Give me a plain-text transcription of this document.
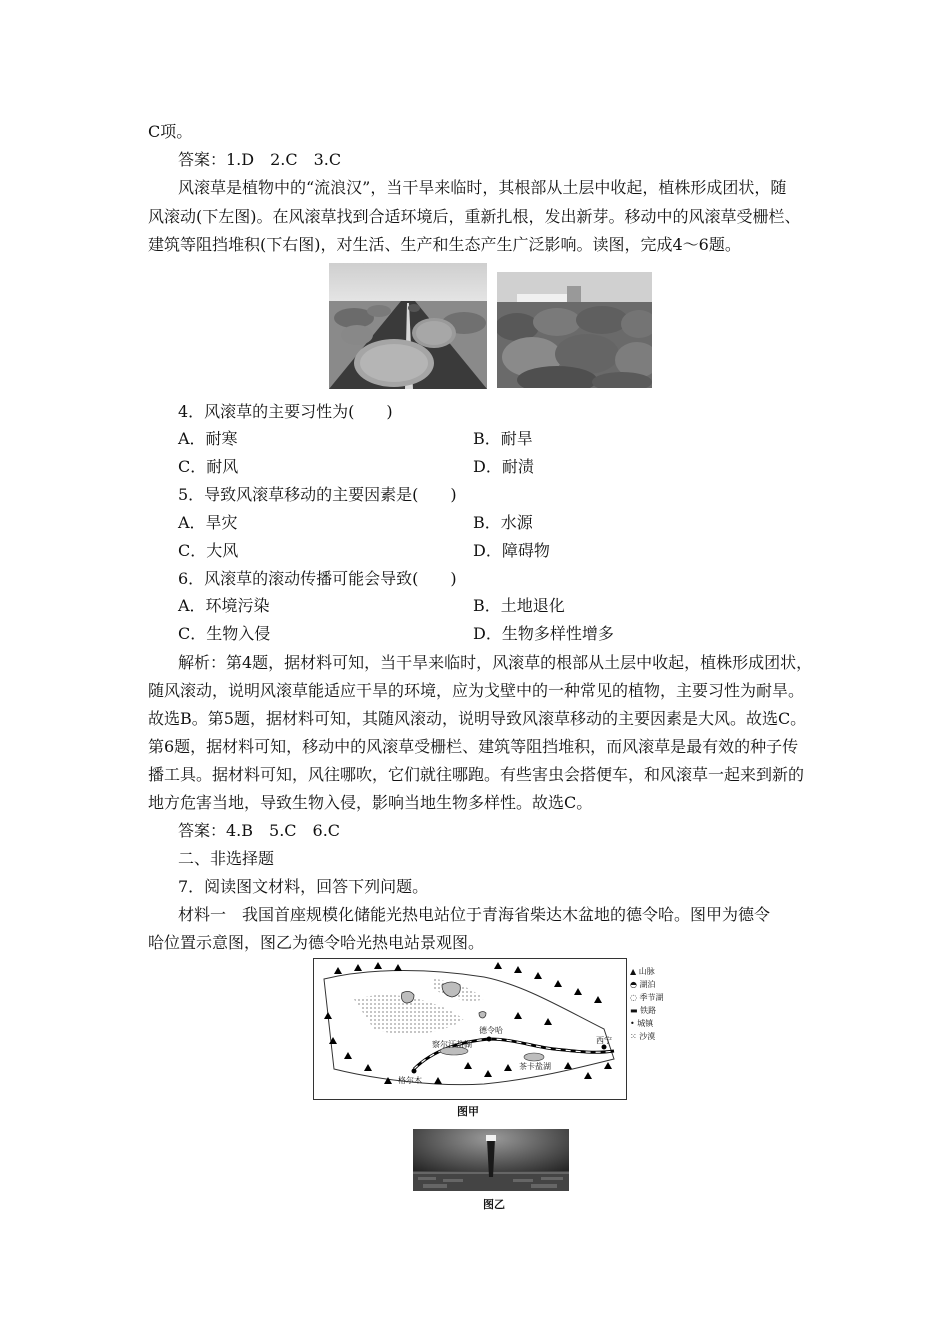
C项。
答案：1.D　2.C　3.C
风滚草是植物中的“流浪汉”，当干旱来临时，其根部从土层中收起，植株形成团状，随
风滚动(下左图)。在风滚草找到合适环境后，重新扎根，发出新芽。移动中的风滚草受栅栏、
建筑等阻挡堆积(下右图)，对生活、生产和生态产生广泛影响。读图，完成4～6题。
4．风滚草的主要习性为(　　)
A．耐寒	B．耐旱
C．耐风	D．耐渍
5．导致风滚草移动的主要因素是(　　)
A．旱灾	B．水源
C．大风	D．障碍物
6．风滚草的滚动传播可能会导致(　　)
A．环境污染	B．土地退化
C．生物入侵	D．生物多样性增多
解析：第4题，据材料可知，当干旱来临时，风滚草的根部从土层中收起，植株形成团状，
随风滚动，说明风滚草能适应干旱的环境，应为戈壁中的一种常见的植物，主要习性为耐旱。
故选B。第5题，据材料可知，其随风滚动，说明导致风滚草移动的主要因素是大风。故选C。
第6题，据材料可知，移动中的风滚草受栅栏、建筑等阻挡堆积，而风滚草是最有效的种子传
播工具。据材料可知，风往哪吹，它们就往哪跑。有些害虫会搭便车，和风滚草一起来到新的
地方危害当地，导致生物入侵，影响当地生物多样性。故选C。
答案：4.B　5.C　6.C
二、非选择题
7．阅读图文材料，回答下列问题。
材料一　我国首座规模化储能光热电站位于青海省柴达木盆地的德令哈。图甲为德令
哈位置示意图，图乙为德令哈光热电站景观图。
德令哈
西宁
格尔木
察尔汗盐湖
茶卡盐湖
▲ 山脉
◓ 湖泊
◌ 季节湖
▬ 铁路
• 城镇
⁙ 沙漠
图甲
图乙
